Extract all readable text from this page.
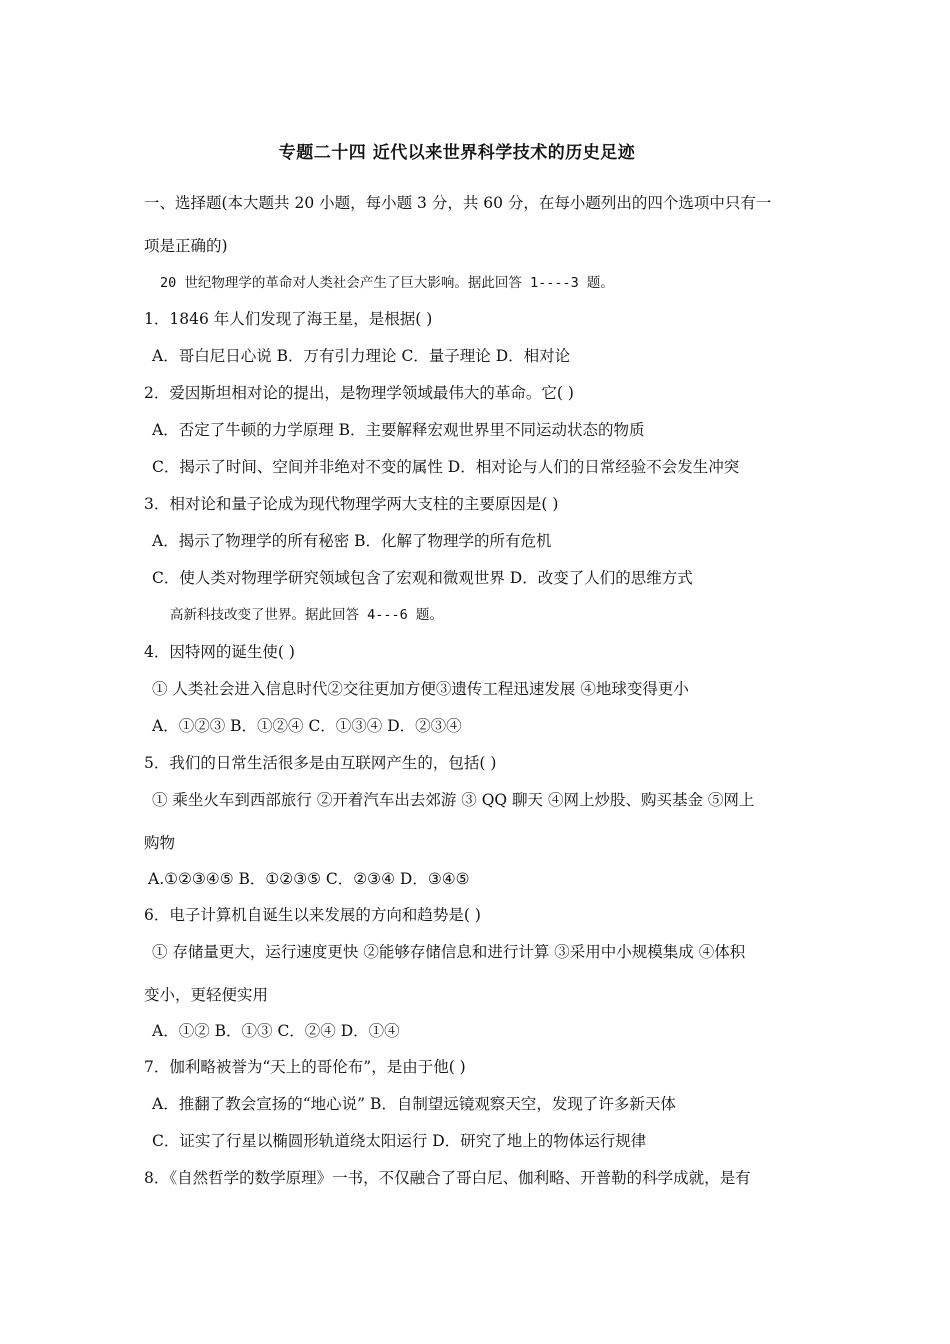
专题二十四 近代以来世界科学技术的历史足迹
一、选择题(本大题共 20 小题，每小题 3 分，共 60 分，在每小题列出的四个选项中只有一
项是正确的)
20 世纪物理学的革命对人类社会产生了巨大影响。据此回答 1----3 题。
1．1846 年人们发现了海王星，是根据( )
A．哥白尼日心说 B．万有引力理论 C．量子理论 D．相对论
2．爱因斯坦相对论的提出，是物理学领域最伟大的革命。它( )
A．否定了牛顿的力学原理 B．主要解释宏观世界里不同运动状态的物质
C．揭示了时间、空间并非绝对不变的属性 D．相对论与人们的日常经验不会发生冲突
3．相对论和量子论成为现代物理学两大支柱的主要原因是( )
A．揭示了物理学的所有秘密 B．化解了物理学的所有危机
C．使人类对物理学研究领域包含了宏观和微观世界 D．改变了人们的思维方式
高新科技改变了世界。据此回答 4---6 题。
4．因特网的诞生使( )
① 人类社会进入信息时代②交往更加方便③遗传工程迅速发展 ④地球变得更小
A．①②③ B．①②④ C．①③④ D．②③④
5．我们的日常生活很多是由互联网产生的，包括( )
① 乘坐火车到西部旅行 ②开着汽车出去郊游 ③ QQ 聊天 ④网上炒股、购买基金 ⑤网上
购物
A.①②③④⑤ B．①②③⑤ C．②③④ D．③④⑤
6．电子计算机自诞生以来发展的方向和趋势是( )
① 存储量更大，运行速度更快 ②能够存储信息和进行计算 ③采用中小规模集成 ④体积
变小，更轻便实用
A．①② B．①③ C．②④ D．①④
7．伽利略被誉为“天上的哥伦布”，是由于他( )
A．推翻了教会宣扬的“地心说” B．自制望远镜观察天空，发现了许多新天体
C．证实了行星以椭圆形轨道绕太阳运行 D．研究了地上的物体运行规律
8．《自然哲学的数学原理》一书，不仅融合了哥白尼、伽利略、开普勒的科学成就，是有
